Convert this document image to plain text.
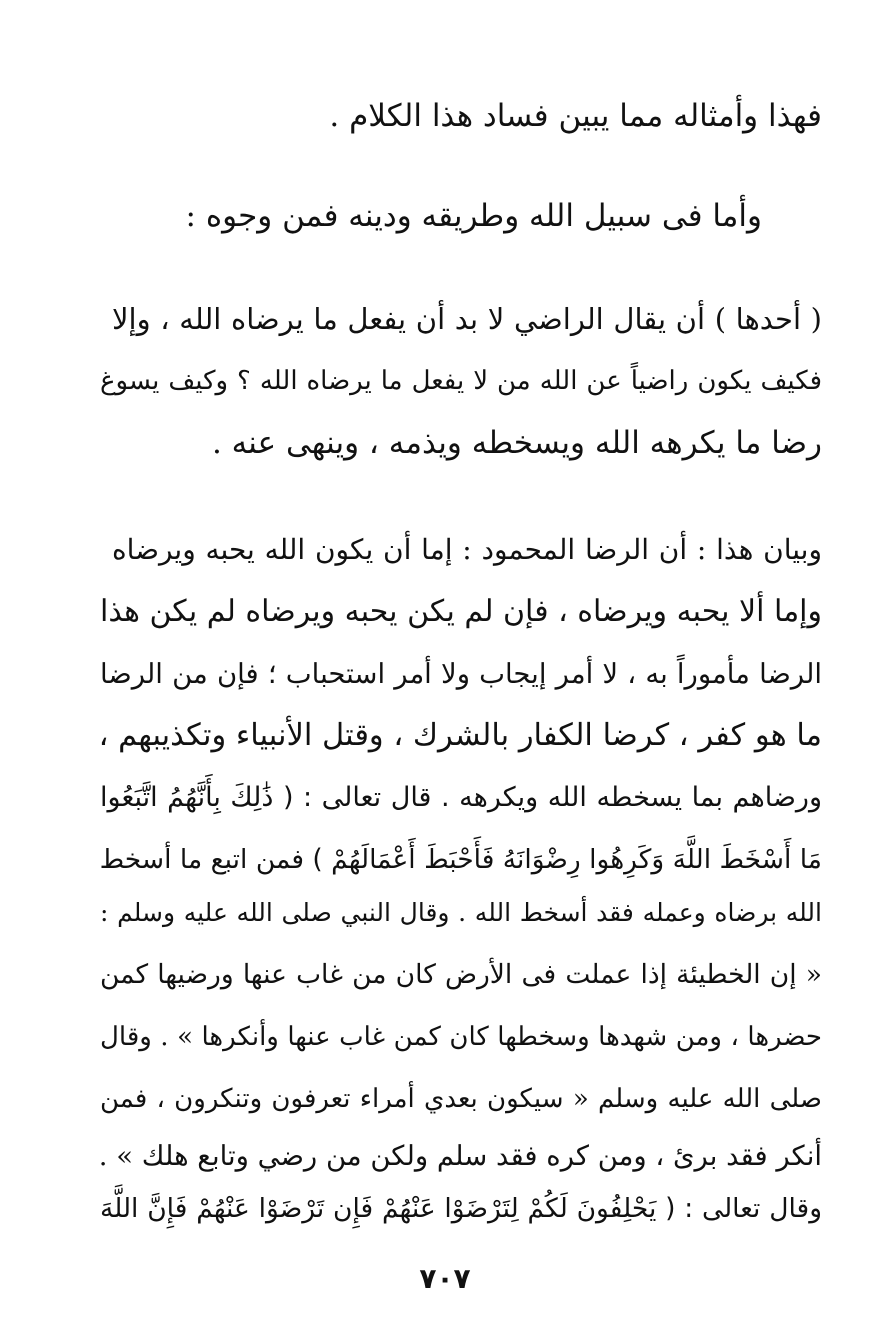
فهذا وأمثاله مما يبين فساد هذا الكلام .
وأما فى سبيل الله وطريقه ودينه فمن وجوه :
( أحدها ) أن يقال الراضي لا بد أن يفعل ما يرضاه الله ، وإلا
فكيف يكون راضياً عن الله من لا يفعل ما يرضاه الله ؟ وكيف يسوغ
رضا ما يكرهه الله ويسخطه ويذمه ، وينهى عنه .
وبيان هذا : أن الرضا المحمود : إما أن يكون الله يحبه ويرضاه
وإما ألا يحبه ويرضاه ، فإن لم يكن يحبه ويرضاه لم يكن هذا
الرضا مأموراً به ، لا أمر إيجاب ولا أمر استحباب ؛ فإن من الرضا
ما هو كفر ، كرضا الكفار بالشرك ، وقتل الأنبياء وتكذيبهم ،
ورضاهم بما يسخطه الله ويكرهه . قال تعالى : ( ذَٰلِكَ بِأَنَّهُمُ اتَّبَعُوا
مَا أَسْخَطَ اللَّهَ وَكَرِهُوا رِضْوَانَهُ فَأَحْبَطَ أَعْمَالَهُمْ ) فمن اتبع ما أسخط
الله برضاه وعمله فقد أسخط الله . وقال النبي صلى الله عليه وسلم :
« إن الخطيئة إذا عملت فى الأرض كان من غاب عنها ورضيها كمن
حضرها ، ومن شهدها وسخطها كان كمن غاب عنها وأنكرها » . وقال
صلى الله عليه وسلم « سيكون بعدي أمراء تعرفون وتنكرون ، فمن
أنكر فقد برئ ، ومن كره فقد سلم ولكن من رضي وتابع هلك » .
وقال تعالى : ( يَحْلِفُونَ لَكُمْ لِتَرْضَوْا عَنْهُمْ فَإِن تَرْضَوْا عَنْهُمْ فَإِنَّ اللَّهَ
٧٠٧
